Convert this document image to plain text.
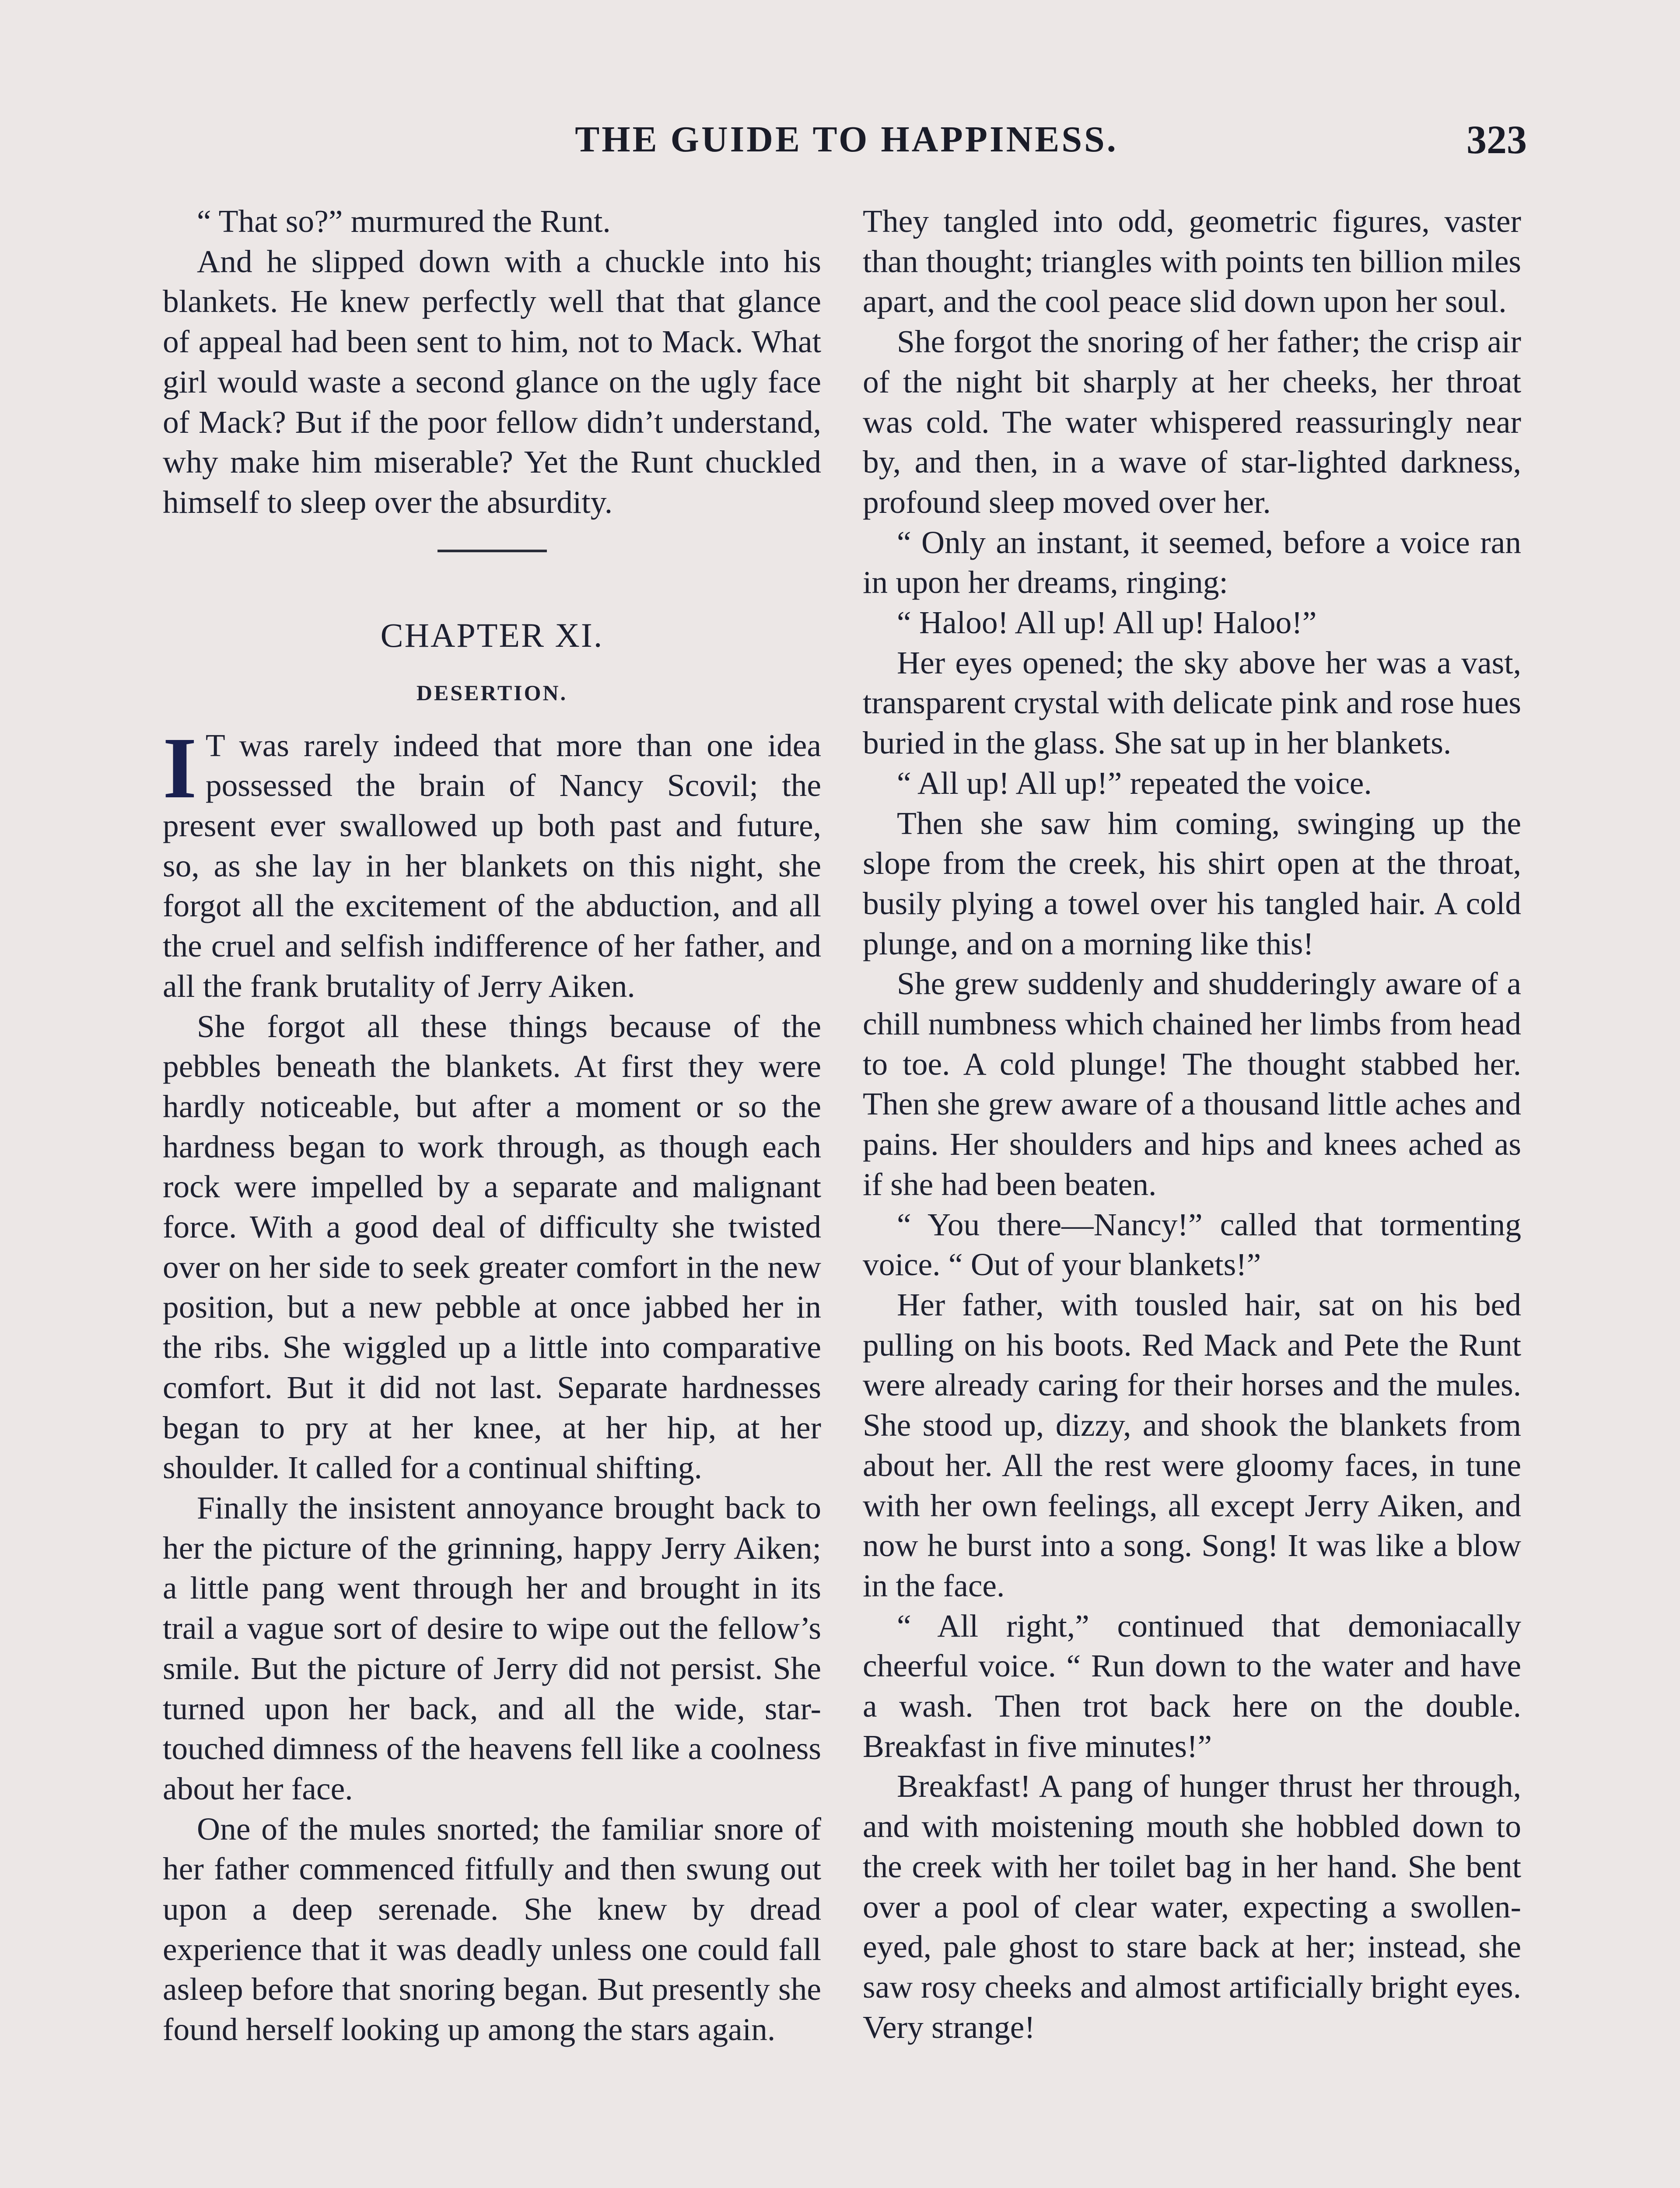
THE GUIDE TO HAPPINESS.	323

“ That so?” murmured the Runt.

And he slipped down with a chuckle into his blankets. He knew perfectly well that that glance of appeal had been sent to him, not to Mack. What girl would waste a second glance on the ugly face of Mack? But if the poor fellow didn’t understand, why make him miserable? Yet the Runt chuckled himself to sleep over the absurdity.

CHAPTER XI.
DESERTION.

I T was rarely indeed that more than one idea possessed the brain of Nancy Scovil; the present ever swallowed up both past and future, so, as she lay in her blankets on this night, she forgot all the excitement of the abduction, and all the cruel and selfish indifference of her father, and all the frank brutality of Jerry Aiken.

She forgot all these things because of the pebbles beneath the blankets. At first they were hardly noticeable, but after a moment or so the hardness began to work through, as though each rock were impelled by a separate and malignant force. With a good deal of difficulty she twisted over on her side to seek greater comfort in the new position, but a new pebble at once jabbed her in the ribs. She wiggled up a little into comparative comfort. But it did not last. Separate hardnesses began to pry at her knee, at her hip, at her shoulder. It called for a continual shifting.

Finally the insistent annoyance brought back to her the picture of the grinning, happy Jerry Aiken; a little pang went through her and brought in its trail a vague sort of desire to wipe out the fellow’s smile. But the picture of Jerry did not persist. She turned upon her back, and all the wide, star-touched dimness of the heavens fell like a coolness about her face.

One of the mules snorted; the familiar snore of her father commenced fitfully and then swung out upon a deep serenade. She knew by dread experience that it was deadly unless one could fall asleep before that snoring began. But presently she found herself looking up among the stars again.

They tangled into odd, geometric figures, vaster than thought; triangles with points ten billion miles apart, and the cool peace slid down upon her soul.

She forgot the snoring of her father; the crisp air of the night bit sharply at her cheeks, her throat was cold. The water whispered reassuringly near by, and then, in a wave of star-lighted darkness, profound sleep moved over her.

“ Only an instant, it seemed, before a voice ran in upon her dreams, ringing:

“ Haloo! All up! All up! Haloo!”

Her eyes opened; the sky above her was a vast, transparent crystal with delicate pink and rose hues buried in the glass. She sat up in her blankets.

“ All up! All up!” repeated the voice.

Then she saw him coming, swinging up the slope from the creek, his shirt open at the throat, busily plying a towel over his tangled hair. A cold plunge, and on a morning like this!

She grew suddenly and shudderingly aware of a chill numbness which chained her limbs from head to toe. A cold plunge! The thought stabbed her. Then she grew aware of a thousand little aches and pains. Her shoulders and hips and knees ached as if she had been beaten.

“ You there—Nancy!” called that tormenting voice. “ Out of your blankets!”

Her father, with tousled hair, sat on his bed pulling on his boots. Red Mack and Pete the Runt were already caring for their horses and the mules. She stood up, dizzy, and shook the blankets from about her. All the rest were gloomy faces, in tune with her own feelings, all except Jerry Aiken, and now he burst into a song. Song! It was like a blow in the face.

“ All right,” continued that demoniacally cheerful voice. “ Run down to the water and have a wash. Then trot back here on the double. Breakfast in five minutes!”

Breakfast! A pang of hunger thrust her through, and with moistening mouth she hobbled down to the creek with her toilet bag in her hand. She bent over a pool of clear water, expecting a swollen-eyed, pale ghost to stare back at her; instead, she saw rosy cheeks and almost artificially bright eyes. Very strange!
